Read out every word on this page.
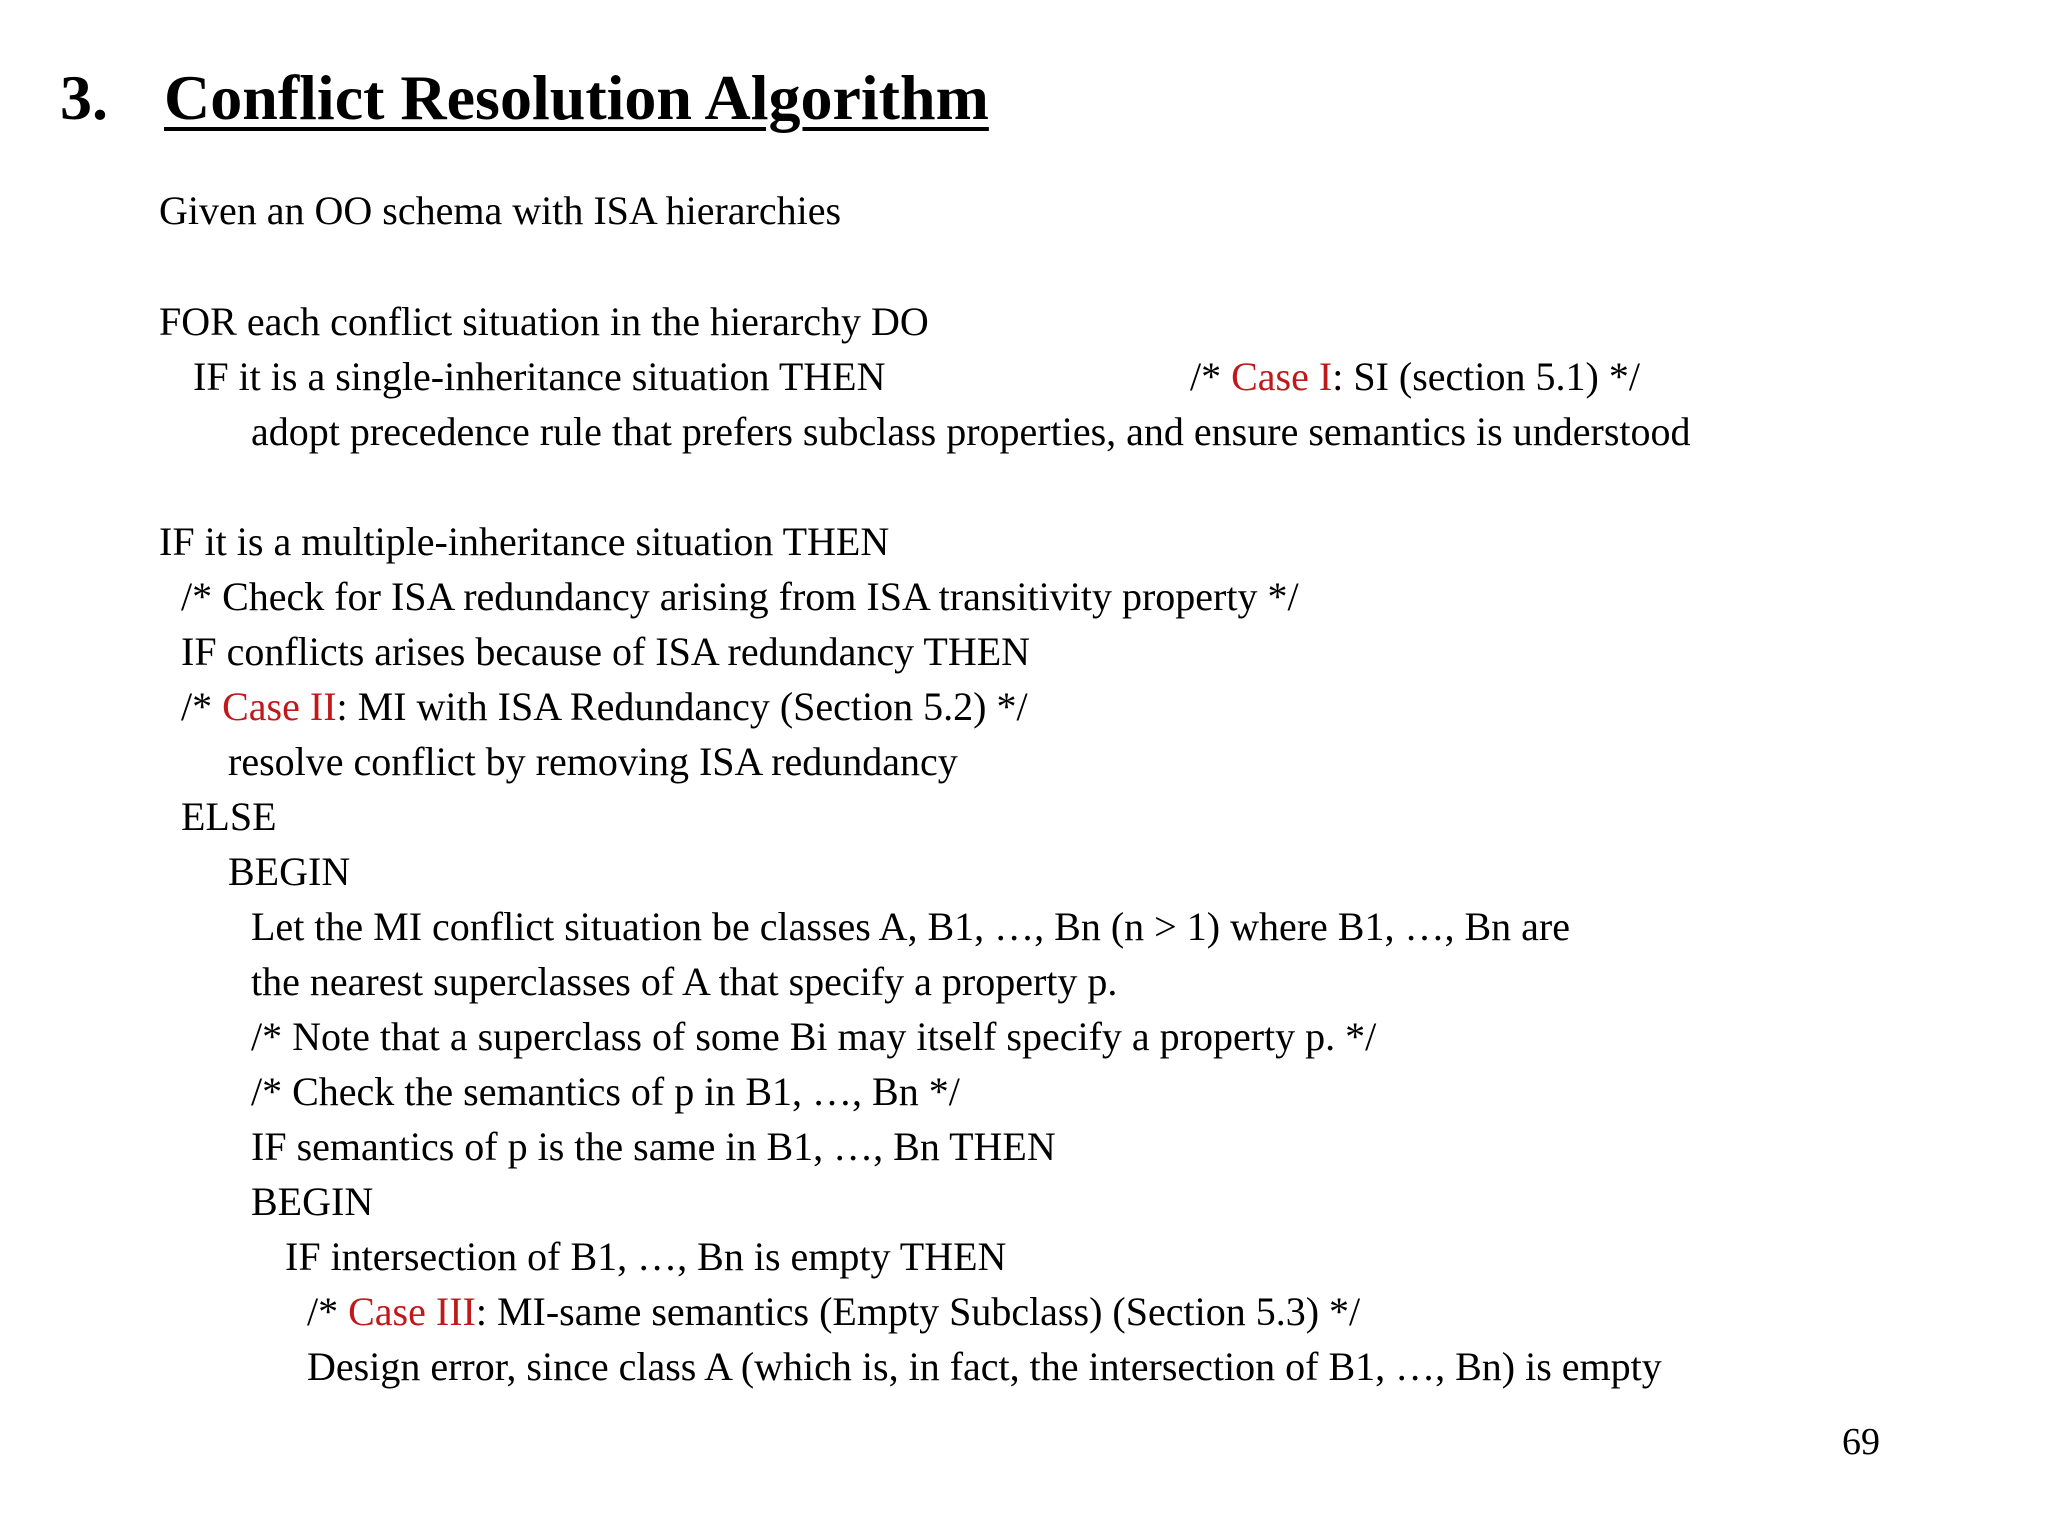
3. Conflict Resolution Algorithm
Given an OO schema with ISA hierarchies
FOR each conflict situation in the hierarchy DO
IF it is a single-inheritance situation THEN	/* Case I: SI (section 5.1) */
adopt precedence rule that prefers subclass properties, and ensure semantics is understood
IF it is a multiple-inheritance situation THEN
/* Check for ISA redundancy arising from ISA transitivity property */
IF conflicts arises because of ISA redundancy THEN
/* Case II: MI with ISA Redundancy (Section 5.2) */
resolve conflict by removing ISA redundancy
ELSE
BEGIN
Let the MI conflict situation be classes A, B1, …, Bn (n > 1) where B1, …, Bn are
the nearest superclasses of A that specify a property p.
/* Note that a superclass of some Bi may itself specify a property p. */
/* Check the semantics of p in B1, …, Bn */
IF semantics of p is the same in B1, …, Bn THEN
BEGIN
IF intersection of B1, …, Bn is empty THEN
/* Case III: MI-same semantics (Empty Subclass) (Section 5.3) */
Design error, since class A (which is, in fact, the intersection of B1, …, Bn) is empty
69
